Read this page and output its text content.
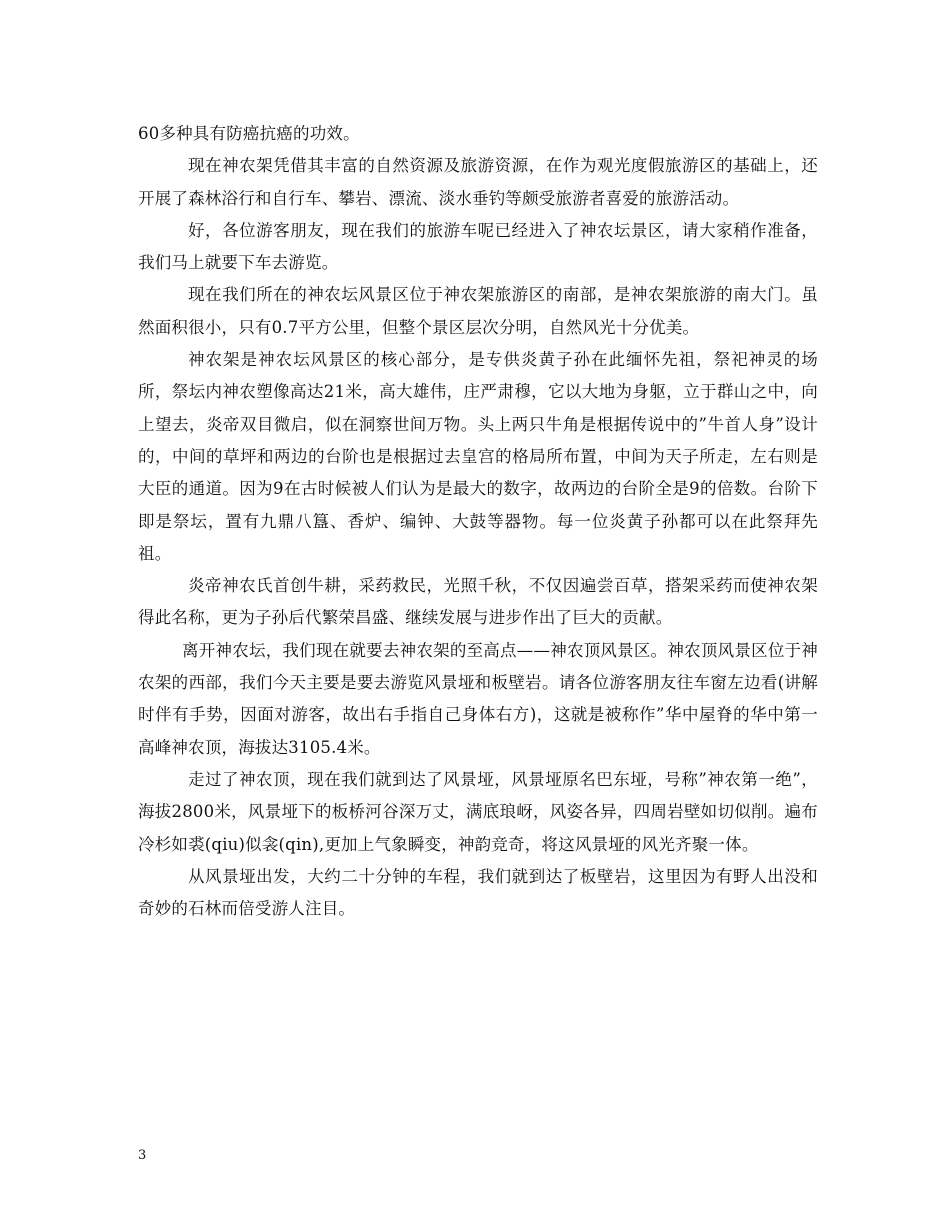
60多种具有防癌抗癌的功效。

现在神农架凭借其丰富的自然资源及旅游资源，在作为观光度假旅游区的基础上，还开展了森林浴行和自行车、攀岩、漂流、淡水垂钓等颇受旅游者喜爱的旅游活动。

好，各位游客朋友，现在我们的旅游车呢已经进入了神农坛景区，请大家稍作准备，我们马上就要下车去游览。

现在我们所在的神农坛风景区位于神农架旅游区的南部，是神农架旅游的南大门。虽然面积很小，只有0.7平方公里，但整个景区层次分明，自然风光十分优美。

神农架是神农坛风景区的核心部分，是专供炎黄子孙在此缅怀先祖，祭祀神灵的场所，祭坛内神农塑像高达21米，高大雄伟，庄严肃穆，它以大地为身躯，立于群山之中，向上望去，炎帝双目微启，似在洞察世间万物。头上两只牛角是根据传说中的”牛首人身”设计的，中间的草坪和两边的台阶也是根据过去皇宫的格局所布置，中间为天子所走，左右则是大臣的通道。因为9在古时候被人们认为是最大的数字，故两边的台阶全是9的倍数。台阶下即是祭坛，置有九鼎八簋、香炉、编钟、大鼓等器物。每一位炎黄子孙都可以在此祭拜先祖。

炎帝神农氏首创牛耕，采药救民，光照千秋，不仅因遍尝百草，搭架采药而使神农架得此名称，更为子孙后代繁荣昌盛、继续发展与进步作出了巨大的贡献。

离开神农坛，我们现在就要去神农架的至高点——神农顶风景区。神农顶风景区位于神农架的西部，我们今天主要是要去游览风景垭和板壁岩。请各位游客朋友往车窗左边看(讲解时伴有手势，因面对游客，故出右手指自己身体右方)，这就是被称作”华中屋脊的华中第一高峰神农顶，海拔达3105.4米。

走过了神农顶，现在我们就到达了风景垭，风景垭原名巴东垭，号称”神农第一绝”，海拔2800米，风景垭下的板桥河谷深万丈，满底琅岈，风姿各异，四周岩壁如切似削。遍布冷杉如裘(qiu)似衾(qin),更加上气象瞬变，神韵竞奇，将这风景垭的风光齐聚一体。

从风景垭出发，大约二十分钟的车程，我们就到达了板壁岩，这里因为有野人出没和奇妙的石林而倍受游人注目。

3
